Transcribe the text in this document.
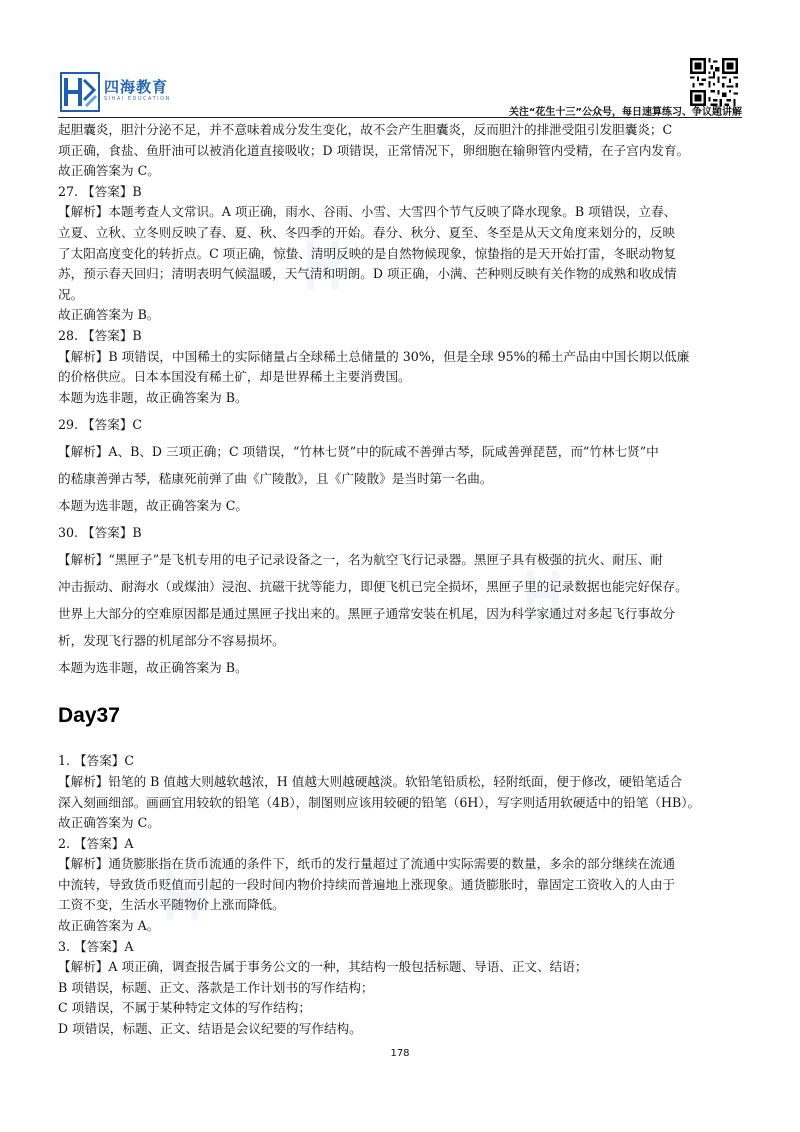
四海教育
SIHAI EDUCATION
关注“花生十三”公众号，每日速算练习、争议题讲解

起胆囊炎，胆汁分泌不足，并不意味着成分发生变化，故不会产生胆囊炎，反而胆汁的排泄受阻引发胆囊炎；C

项正确，食盐、鱼肝油可以被消化道直接吸收；D 项错误，正常情况下，卵细胞在输卵管内受精，在子宫内发育。

故正确答案为 C。

27. 【答案】B

【解析】本题考查人文常识。A 项正确，雨水、谷雨、小雪、大雪四个节气反映了降水现象。B 项错误，立春、

立夏、立秋、立冬则反映了春、夏、秋、冬四季的开始。春分、秋分、夏至、冬至是从天文角度来划分的，反映

了太阳高度变化的转折点。C 项正确，惊蛰、清明反映的是自然物候现象，惊蛰指的是天开始打雷，冬眠动物复

苏，预示春天回归；清明表明气候温暖，天气清和明朗。D 项正确，小满、芒种则反映有关作物的成熟和收成情

况。

故正确答案为 B。

28. 【答案】B

【解析】B 项错误，中国稀土的实际储量占全球稀土总储量的 30%，但是全球 95%的稀土产品由中国长期以低廉

的价格供应。日本本国没有稀土矿，却是世界稀土主要消费国。

本题为选非题，故正确答案为 B。

29. 【答案】C

【解析】A、B、D 三项正确；C 项错误，“竹林七贤”中的阮咸不善弹古琴，阮咸善弹琵琶，而“竹林七贤”中

的嵇康善弹古琴，嵇康死前弹了曲《广陵散》，且《广陵散》是当时第一名曲。

本题为选非题，故正确答案为 C。

30. 【答案】B

【解析】“黑匣子”是飞机专用的电子记录设备之一，名为航空飞行记录器。黑匣子具有极强的抗火、耐压、耐

冲击振动、耐海水（或煤油）浸泡、抗磁干扰等能力，即便飞机已完全损坏，黑匣子里的记录数据也能完好保存。

世界上大部分的空难原因都是通过黑匣子找出来的。黑匣子通常安装在机尾，因为科学家通过对多起飞行事故分

析，发现飞行器的机尾部分不容易损坏。

本题为选非题，故正确答案为 B。

Day37

1. 【答案】C

【解析】铅笔的 B 值越大则越软越浓，H 值越大则越硬越淡。软铅笔铅质松，轻附纸面，便于修改，硬铅笔适合

深入刻画细部。画画宜用较软的铅笔（4B），制图则应该用较硬的铅笔（6H），写字则适用软硬适中的铅笔（HB）。

故正确答案为 C。

2. 【答案】A

【解析】通货膨胀指在货币流通的条件下，纸币的发行量超过了流通中实际需要的数量，多余的部分继续在流通

中流转，导致货币贬值而引起的一段时间内物价持续而普遍地上涨现象。通货膨胀时，靠固定工资收入的人由于

工资不变，生活水平随物价上涨而降低。

故正确答案为 A。

3. 【答案】A

【解析】A 项正确，调查报告属于事务公文的一种，其结构一般包括标题、导语、正文、结语；

B 项错误，标题、正文、落款是工作计划书的写作结构；

C 项错误，不属于某种特定文体的写作结构；

D 项错误，标题、正文、结语是会议纪要的写作结构。

178
